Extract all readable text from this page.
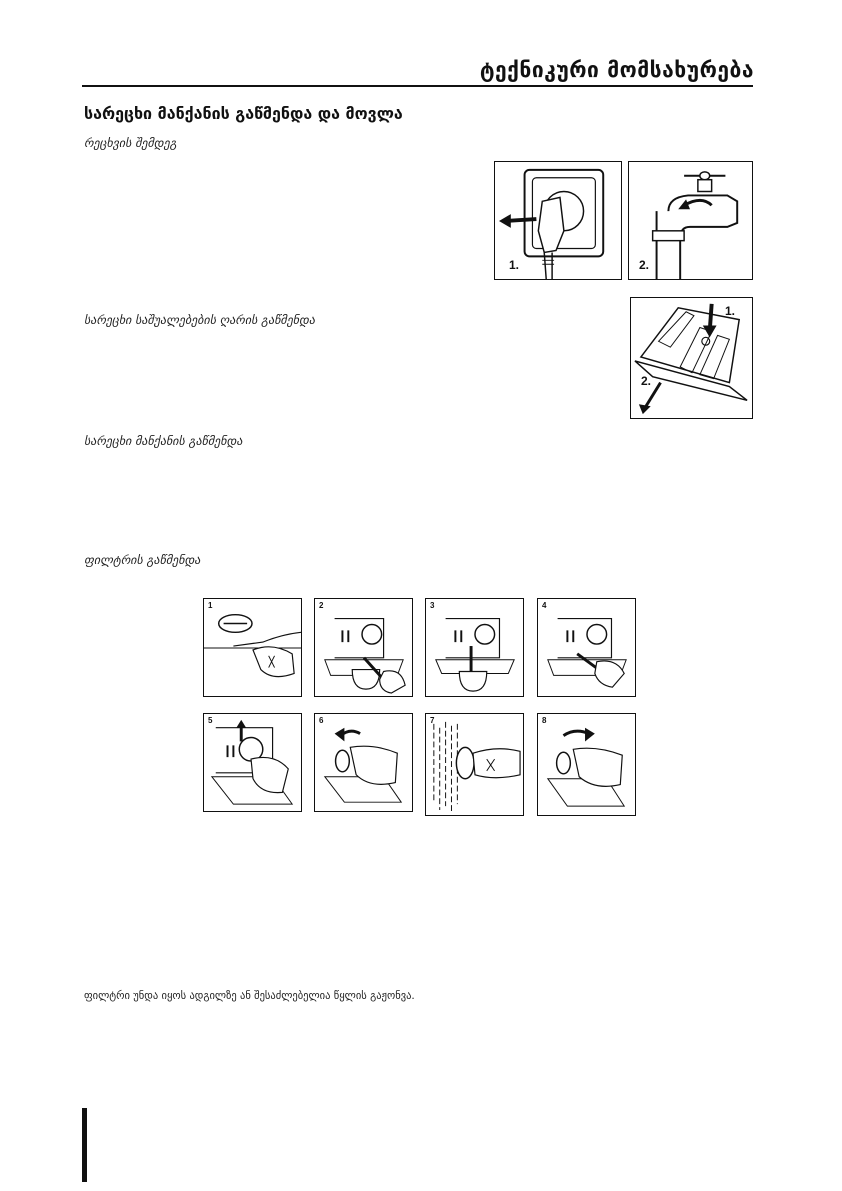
ტექნიკური მომსახურება
სარეცხი მანქანის გაწმენდა და მოვლა
რეცხვის შემდეგ
სარეცხი საშუალებების ღარის გაწმენდა
სარეცხი მანქანის გაწმენდა
ფილტრის გაწმენდა
1.	2.
1.
2.
1	2	3	4
5	6	7	8
ფილტრი უნდა იყოს ადგილზე ან შესაძლებელია წყლის გაჟონვა.
